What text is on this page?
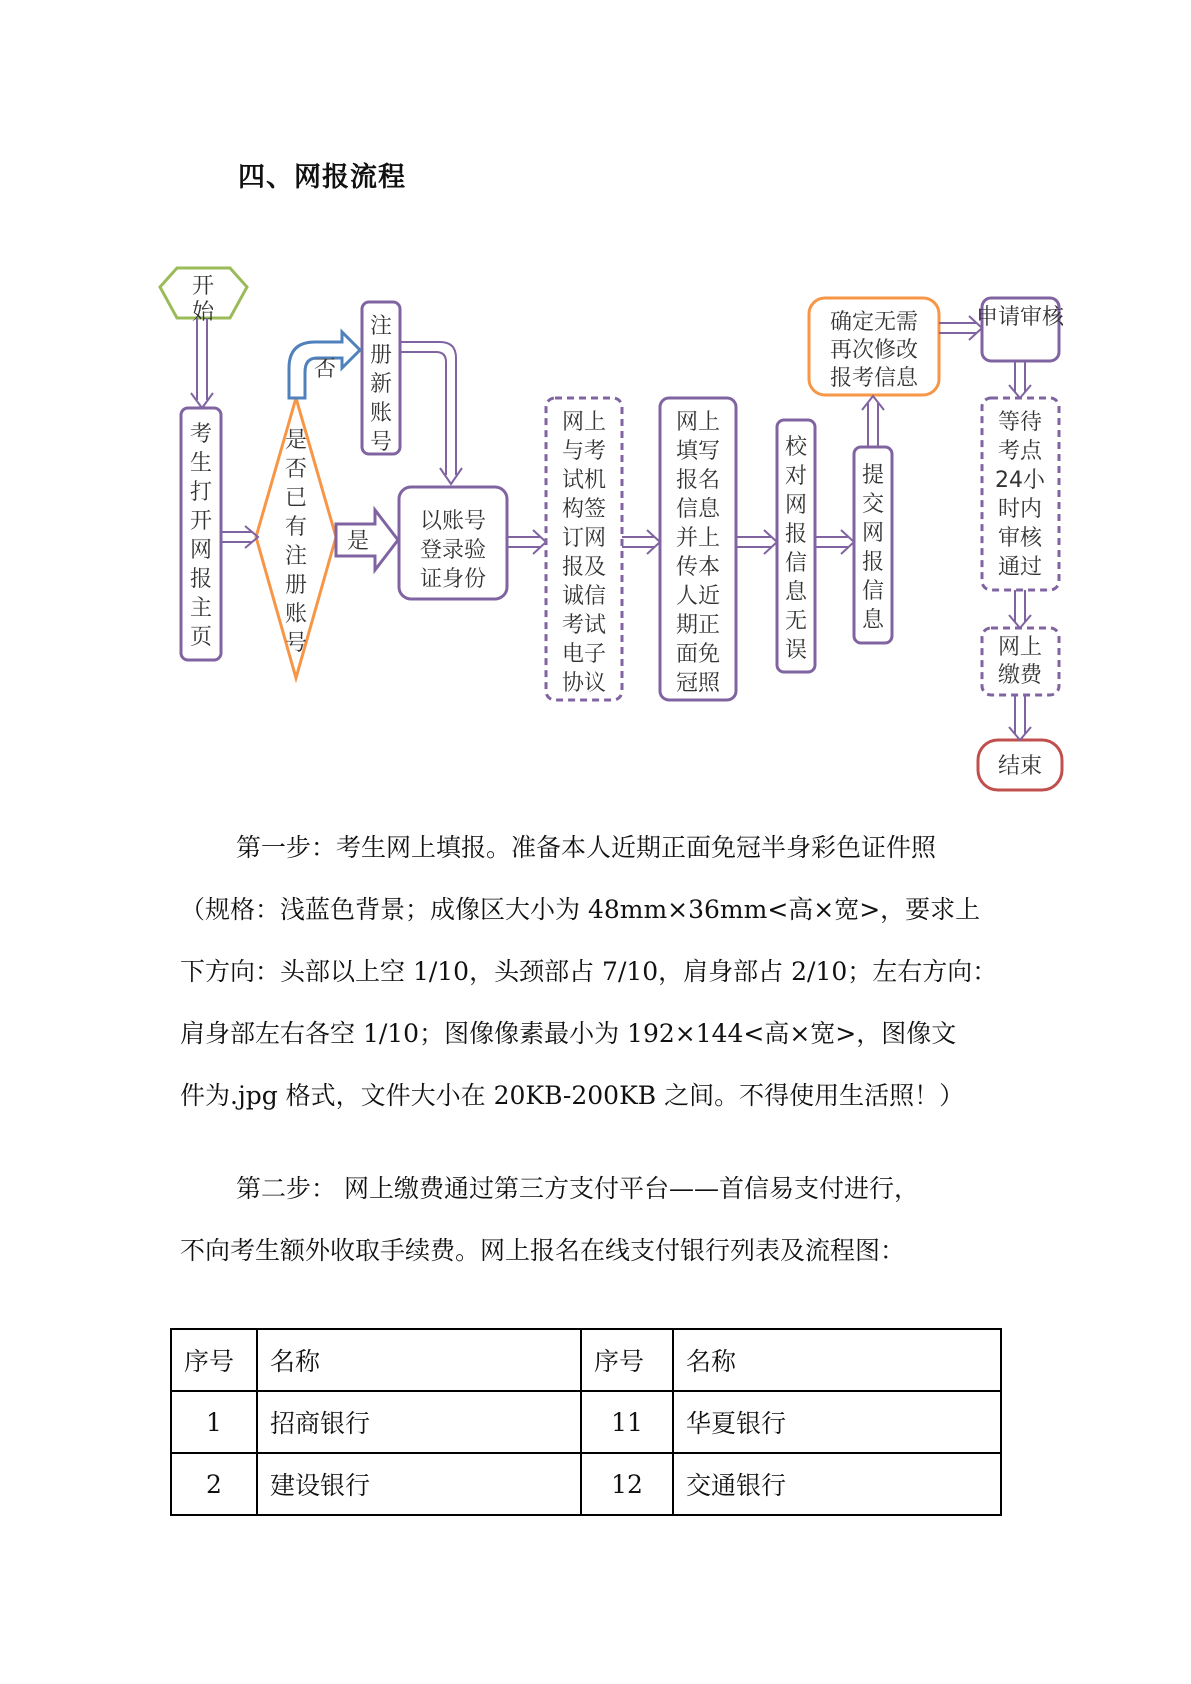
四、网报流程
开始
考生打开网报主页
是否已有注册账号
注册新账号
以账号登录验证身份
网上与考试机构签订网报及诚信考试电子协议
网上填写报名信息并上传本人近期正面免冠照
校对网报信息无误
提交网报信息
确定无需再次修改报考信息
申请审核
等待考点 24小时内审核通过
网上缴费
结束
是
否

第一步：考生网上填报。准备本人近期正面免冠半身彩色证件照

（规格：浅蓝色背景；成像区大小为 48mm×36mm<高×宽>，要求上

下方向：头部以上空 1/10，头颈部占 7/10，肩身部占 2/10；左右方向：

肩身部左右各空 1/10；图像像素最小为 192×144<高×宽>，图像文

件为.jpg 格式，文件大小在 20KB-200KB 之间。不得使用生活照！）

第二步： 网上缴费通过第三方支付平台——首信易支付进行，

不向考生额外收取手续费。网上报名在线支付银行列表及流程图：

序号	名称	序号	名称
1	招商银行	11	华夏银行
2	建设银行	12	交通银行
